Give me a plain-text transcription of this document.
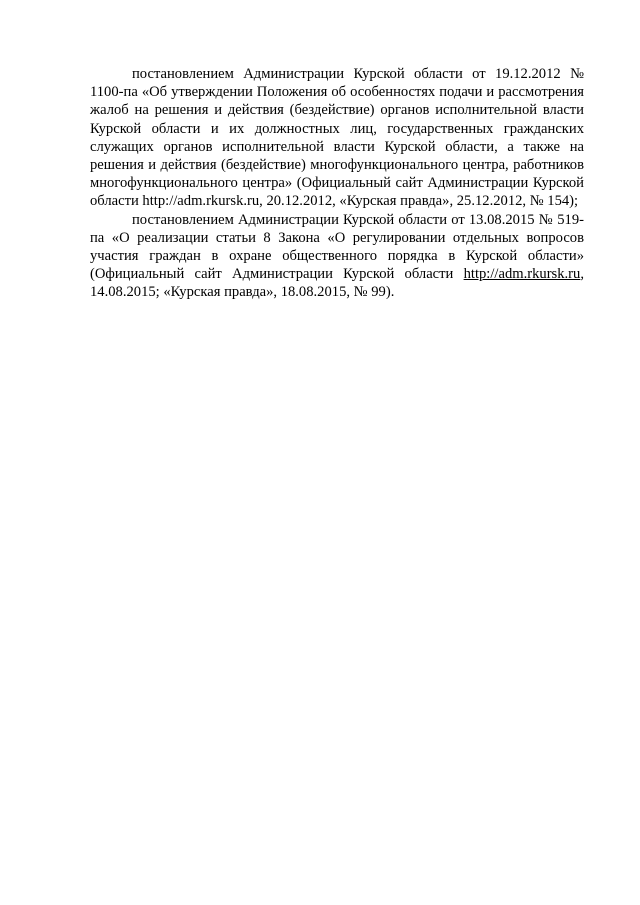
постановлением Администрации Курской области от 19.12.2012 № 1100-па «Об утверждении Положения об особенностях подачи и рассмотрения жалоб на решения и действия (бездействие) органов исполнительной власти Курской области и их должностных лиц, государственных гражданских служащих органов исполнительной власти Курской области, а также на решения и действия (бездействие) многофункционального центра, работников многофункционального центра» (Официальный сайт Администрации Курской области http://adm.rkursk.ru, 20.12.2012, «Курская правда», 25.12.2012, № 154);

постановлением Администрации Курской области от 13.08.2015 № 519-па «О реализации статьи 8 Закона «О регулировании отдельных вопросов участия граждан в охране общественного порядка в Курской области» (Официальный сайт Администрации Курской области http://adm.rkursk.ru, 14.08.2015; «Курская правда», 18.08.2015, № 99).
